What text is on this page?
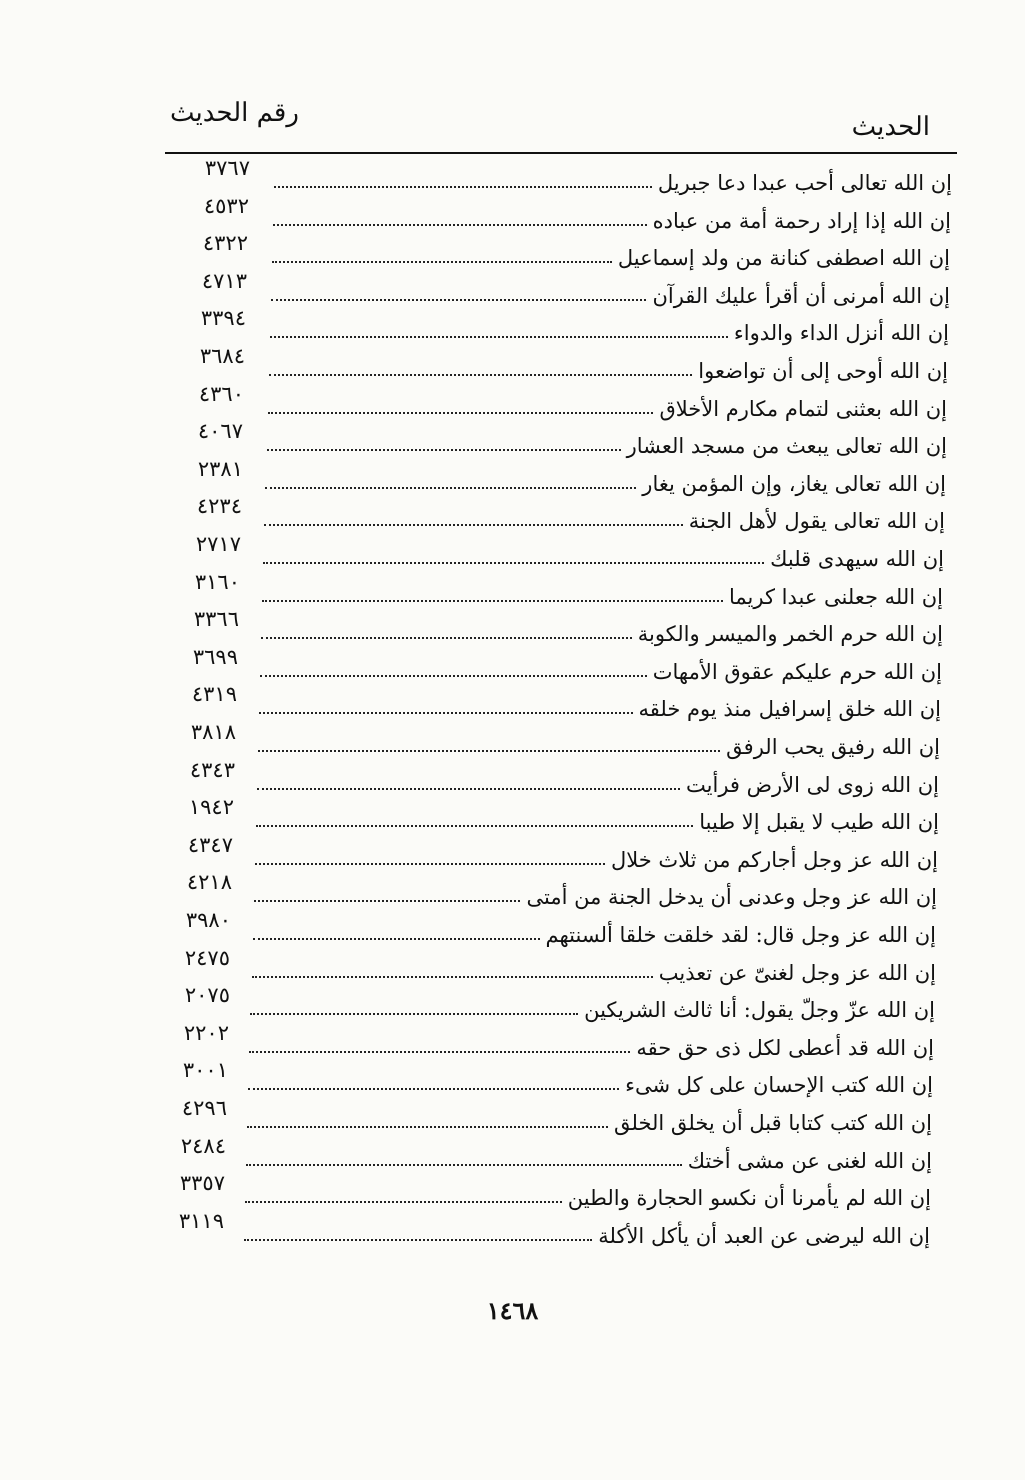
رقم الحديث	الحديث
إن الله تعالى أحب عبدا دعا جبريل
٣٧٦٧
إن الله إذا إراد رحمة أمة من عباده
٤٥٣٢
إن الله اصطفى كنانة من ولد إسماعيل
٤٣٢٢
إن الله أمرنى أن أقرأ عليك القرآن
٤٧١٣
إن الله أنزل الداء والدواء
٣٣٩٤
إن الله أوحى إلى أن تواضعوا
٣٦٨٤
إن الله بعثنى لتمام مكارم الأخلاق
٤٣٦٠
إن الله تعالى يبعث من مسجد العشار
٤٠٦٧
إن الله تعالى يغاز، وإن المؤمن يغار
٢٣٨١
إن الله تعالى يقول لأهل الجنة
٤٢٣٤
إن الله سيهدى قلبك
٢٧١٧
إن الله جعلنى عبدا كريما
٣١٦٠
إن الله حرم الخمر والميسر والكوبة
٣٣٦٦
إن الله حرم عليكم عقوق الأمهات
٣٦٩٩
إن الله خلق إسرافيل منذ يوم خلقه
٤٣١٩
إن الله رفيق يحب الرفق
٣٨١٨
إن الله زوى لى الأرض فرأيت
٤٣٤٣
إن الله طيب لا يقبل إلا طيبا
١٩٤٢
إن الله عز وجل أجاركم من ثلاث خلال
٤٣٤٧
إن الله عز وجل وعدنى أن يدخل الجنة من أمتى
٤٢١٨
إن الله عز وجل قال: لقد خلقت خلقا ألسنتهم
٣٩٨٠
إن الله عز وجل لغنىّ عن تعذيب
٢٤٧٥
إن الله عزّ وجلّ يقول: أنا ثالث الشريكين
٢٠٧٥
إن الله قد أعطى لكل ذى حق حقه
٢٢٠٢
إن الله كتب الإحسان على كل شىء
٣٠٠١
إن الله كتب كتابا قبل أن يخلق الخلق
٤٢٩٦
إن الله لغنى عن مشى أختك
٢٤٨٤
إن الله لم يأمرنا أن نكسو الحجارة والطين
٣٣٥٧
إن الله ليرضى عن العبد أن يأكل الأكلة
٣١١٩
١٤٦٨
